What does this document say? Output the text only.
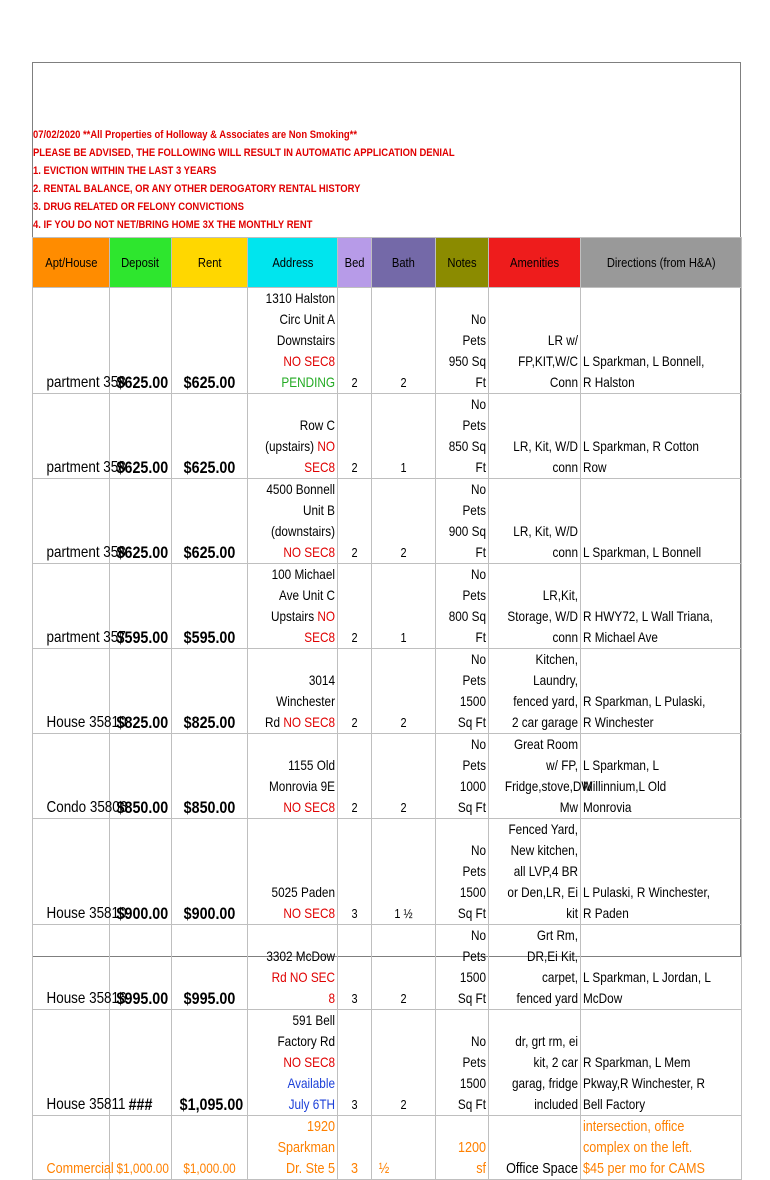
07/02/2020 **All Properties of Holloway & Associates are Non Smoking**
PLEASE BE ADVISED, THE FOLLOWING WILL RESULT IN AUTOMATIC APPLICATION DENIAL
1. EVICTION WITHIN THE LAST 3 YEARS
2. RENTAL BALANCE, OR ANY OTHER DEROGATORY RENTAL HISTORY
3. DRUG RELATED OR FELONY CONVICTIONS
4. IF YOU DO NOT NET/BRING HOME 3X THE MONTHLY RENT
Apt/House	Deposit	Rent	Address	Bed	Bath	Notes	Amenities	Directions (from H&A)

partment 358	$625.00	$625.00	1310 Halston Circ Unit A Downstairs NO SEC8 PENDING	2	2	No Pets 950 Sq Ft	LR w/ FP,KIT,W/C Conn	L Sparkman, L Bonnell, R Halston

partment 358	$625.00	$625.00	Row C (upstairs) NO SEC8	2	1	No Pets 850 Sq Ft	LR, Kit, W/D conn	L Sparkman, R Cotton Row

partment 358	$625.00	$625.00	4500 Bonnell Unit B (downstairs) NO SEC8	2	2	No Pets 900 Sq Ft	LR, Kit, W/D conn	L Sparkman, L Bonnell

partment 357	$595.00	$595.00	100 Michael Ave Unit C Upstairs NO SEC8	2	1	No Pets 800 Sq Ft	LR,Kit, Storage, W/D conn	R HWY72, L Wall Triana, R Michael Ave

House 35810	$825.00	$825.00	3014 Winchester Rd NO SEC8	2	2	No Pets 1500 Sq Ft	Kitchen, Laundry, fenced yard, 2 car garage	R Sparkman, L Pulaski, R Winchester

Condo 35806	$850.00	$850.00	1155 Old Monrovia 9E NO SEC8	2	2	No Pets 1000 Sq Ft	Great Room w/ FP, Fridge,stove,DW Mw	L Sparkman, L Millinnium,L Old Monrovia

House 35810	$900.00	$900.00	5025 Paden NO SEC8	3	1 ½	No Pets 1500 Sq Ft	Fenced Yard, New kitchen, all LVP,4 BR or Den,LR, Ei kit	L Pulaski, R Winchester, R Paden

House 35816	$995.00	$995.00	3302 McDow Rd NO SEC 8	3	2	No Pets 1500 Sq Ft	Grt Rm, DR,Ei Kit, carpet, fenced yard	L Sparkman, L Jordan, L McDow

House 35811	###	$1,095.00	591 Bell Factory Rd NO SEC8 Available July 6TH	3	2	No Pets 1500 Sq Ft	dr, grt rm, ei kit, 2 car garag, fridge included	R Sparkman, L Mem Pkway,R Winchester, R Bell Factory

Commercial	$1,000.00	$1,000.00	1920 Sparkman Dr. Ste 5	3	½	1200 sf	Office Space	intersection, office complex on the left. $45 per mo for CAMS
